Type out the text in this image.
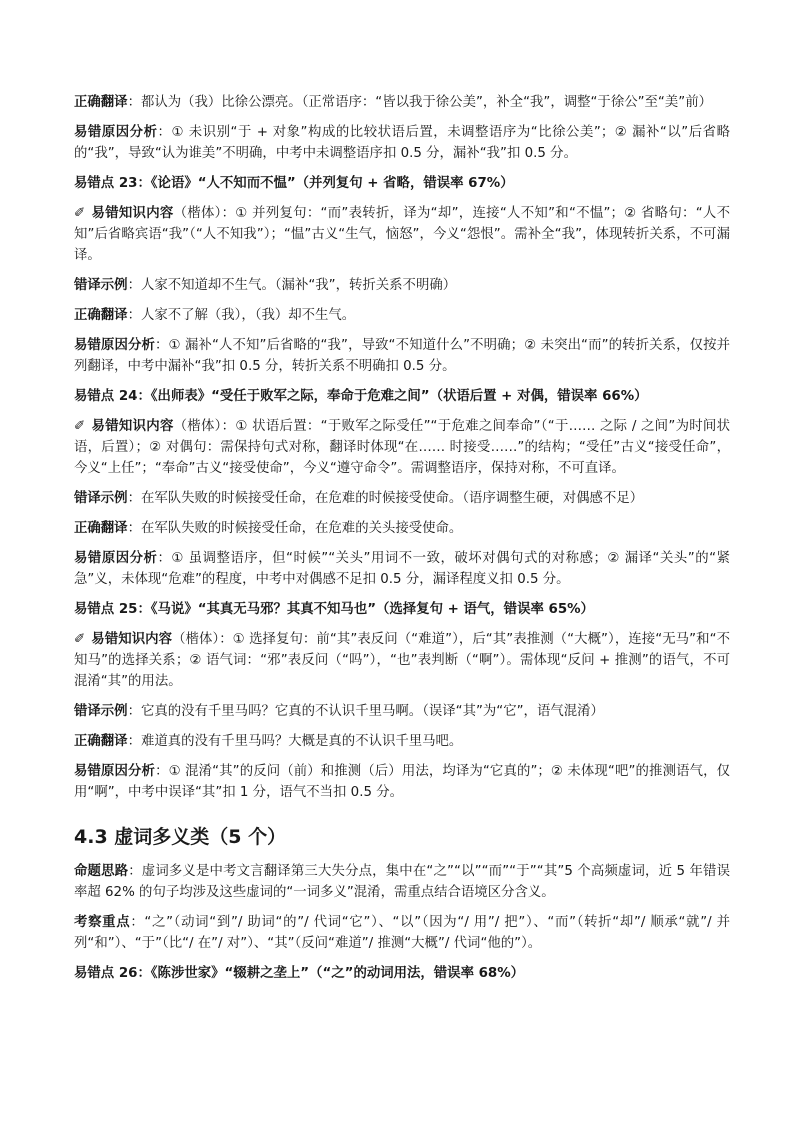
正确翻译：都认为（我）比徐公漂亮。（正常语序：“皆以我于徐公美”，补全“我”，调整“于徐公”至“美”前）

易错原因分析：① 未识别“于 + 对象”构成的比较状语后置，未调整语序为“比徐公美”；② 漏补“以”后省略的“我”，导致“认为谁美”不明确，中考中未调整语序扣 0.5 分，漏补“我”扣 0.5 分。

易错点 23：《论语》“人不知而不愠”（并列复句 + 省略，错误率 67%）

✐ 易错知识内容（楷体）：① 并列复句：“而”表转折，译为“却”，连接“人不知”和“不愠”；② 省略句：“人不知”后省略宾语“我”（“人不知我”）；“愠”古义“生气，恼怒”，今义“怨恨”。需补全“我”，体现转折关系，不可漏译。

错译示例：人家不知道却不生气。（漏补“我”，转折关系不明确）

正确翻译：人家不了解（我），（我）却不生气。

易错原因分析：① 漏补“人不知”后省略的“我”，导致“不知道什么”不明确；② 未突出“而”的转折关系，仅按并列翻译，中考中漏补“我”扣 0.5 分，转折关系不明确扣 0.5 分。

易错点 24：《出师表》“受任于败军之际，奉命于危难之间”（状语后置 + 对偶，错误率 66%）

✐ 易错知识内容（楷体）：① 状语后置：“于败军之际受任”“于危难之间奉命”（“于…… 之际 / 之间”为时间状语，后置）；② 对偶句：需保持句式对称，翻译时体现“在…… 时接受……”的结构；“受任”古义“接受任命”，今义“上任”；“奉命”古义“接受使命”，今义“遵守命令”。需调整语序，保持对称，不可直译。

错译示例：在军队失败的时候接受任命，在危难的时候接受使命。（语序调整生硬，对偶感不足）

正确翻译：在军队失败的时候接受任命，在危难的关头接受使命。

易错原因分析：① 虽调整语序，但“时候”“关头”用词不一致，破坏对偶句式的对称感；② 漏译“关头”的“紧急”义，未体现“危难”的程度，中考中对偶感不足扣 0.5 分，漏译程度义扣 0.5 分。

易错点 25：《马说》“其真无马邪？其真不知马也”（选择复句 + 语气，错误率 65%）

✐ 易错知识内容（楷体）：① 选择复句：前“其”表反问（“难道”），后“其”表推测（“大概”），连接“无马”和“不知马”的选择关系；② 语气词：“邪”表反问（“吗”），“也”表判断（“啊”）。需体现“反问 + 推测”的语气，不可混淆“其”的用法。

错译示例：它真的没有千里马吗？它真的不认识千里马啊。（误译“其”为“它”，语气混淆）

正确翻译：难道真的没有千里马吗？大概是真的不认识千里马吧。

易错原因分析：① 混淆“其”的反问（前）和推测（后）用法，均译为“它真的”；② 未体现“吧”的推测语气，仅用“啊”，中考中误译“其”扣 1 分，语气不当扣 0.5 分。

4.3 虚词多义类（5 个）

命题思路：虚词多义是中考文言翻译第三大失分点，集中在“之”“以”“而”“于”“其”5 个高频虚词，近 5 年错误率超 62% 的句子均涉及这些虚词的“一词多义”混淆，需重点结合语境区分含义。

考察重点：“之”（动词“到”/ 助词“的”/ 代词“它”）、“以”（因为“/ 用”/ 把”）、“而”（转折“却”/ 顺承“就”/ 并列“和”）、“于”（比“/ 在”/ 对”）、“其”（反问“难道”/ 推测“大概”/ 代词“他的”）。

易错点 26：《陈涉世家》“辍耕之垄上”（“之”的动词用法，错误率 68%）
